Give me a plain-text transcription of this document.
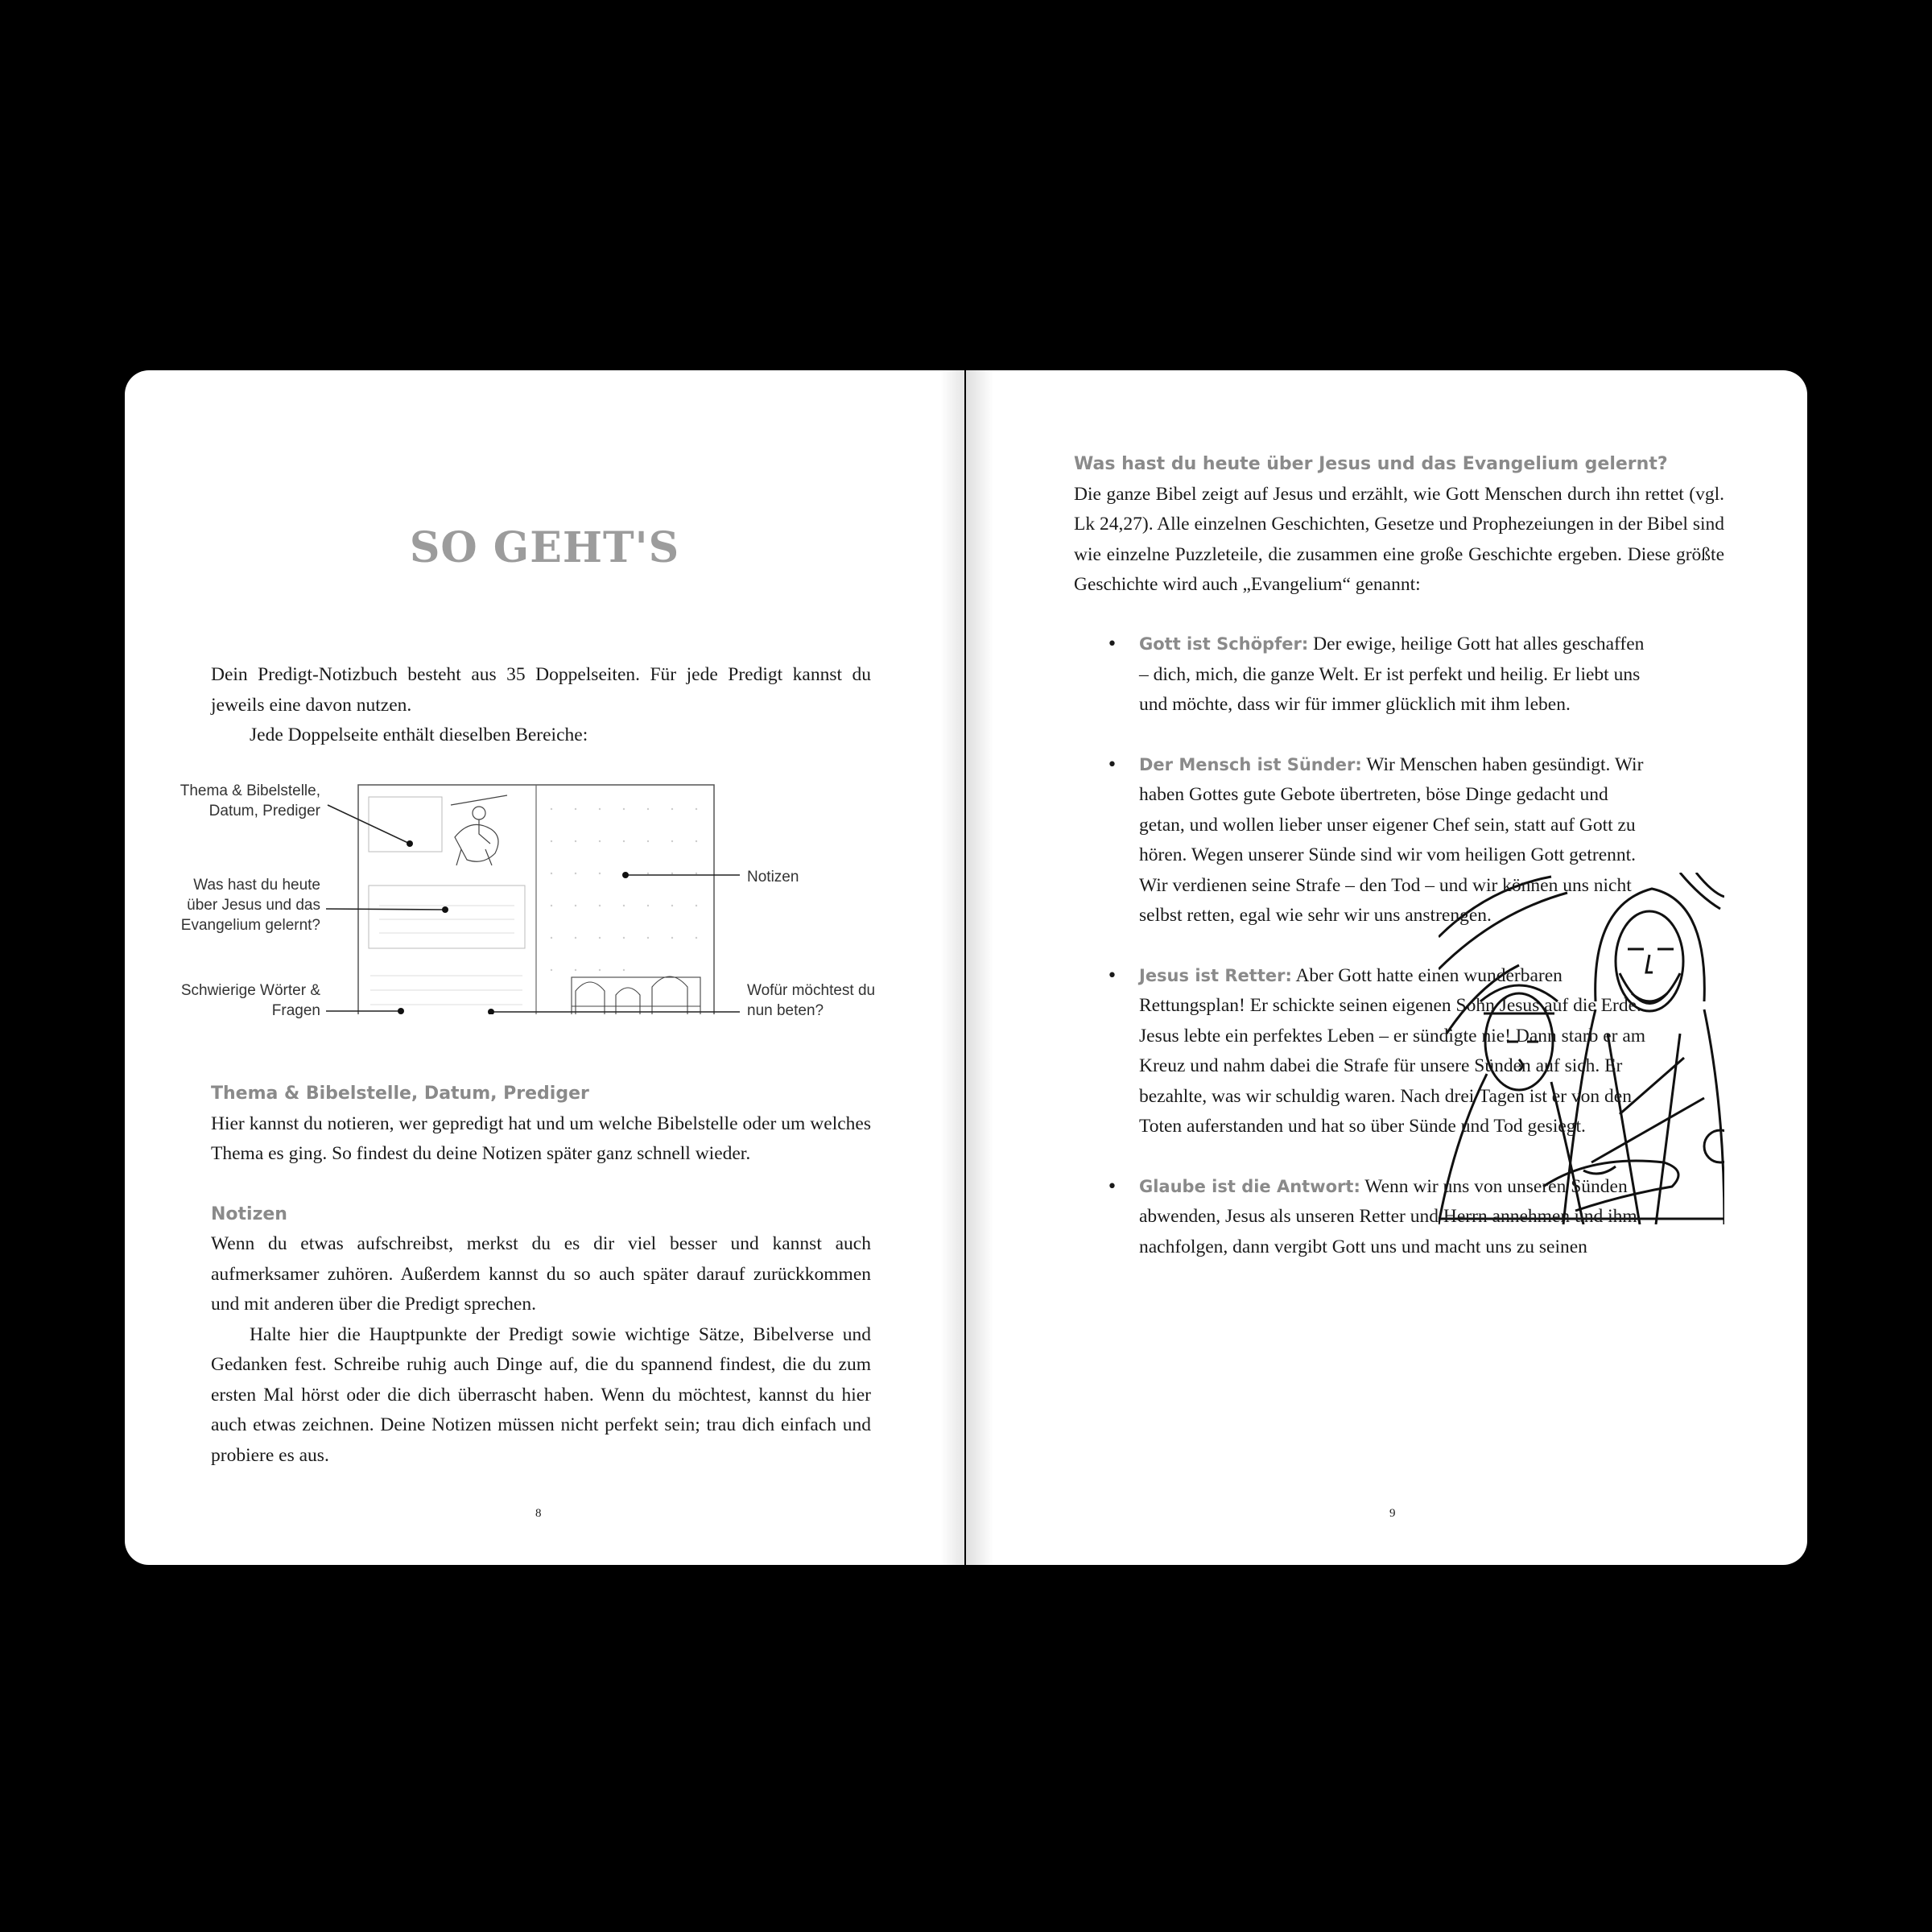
SO GEHT'S

Dein Predigt-Notizbuch besteht aus 35 Doppelseiten. Für jede Predigt kannst du jeweils eine davon nutzen.

Jede Doppelseite enthält dieselben Bereiche:

Thema & Bibelstelle, Datum, Prediger
Was hast du heute über Jesus und das Evangelium gelernt?
Schwierige Wörter & Fragen
Notizen
Wofür möchtest du nun beten?
Thema & Bibelstelle, Datum, Prediger

Hier kannst du notieren, wer gepredigt hat und um welche Bibelstelle oder um welches Thema es ging. So findest du deine Notizen später ganz schnell wieder.

Notizen

Wenn du etwas aufschreibst, merkst du es dir viel besser und kannst auch aufmerksamer zuhören. Außerdem kannst du so auch später darauf zurückkommen und mit anderen über die Predigt sprechen.

Halte hier die Hauptpunkte der Predigt sowie wichtige Sätze, Bibelverse und Gedanken fest. Schreibe ruhig auch Dinge auf, die du spannend findest, die du zum ersten Mal hörst oder die dich überrascht haben. Wenn du möchtest, kannst du hier auch etwas zeichnen. Deine Notizen müssen nicht perfekt sein; trau dich einfach und probiere es aus.

8
Was hast du heute über Jesus und das Evangelium gelernt?

Die ganze Bibel zeigt auf Jesus und erzählt, wie Gott Menschen durch ihn rettet (vgl. Lk 24,27). Alle einzelnen Geschichten, Gesetze und Prophezeiungen in der Bibel sind wie einzelne Puzzleteile, die zusammen eine große Geschichte ergeben. Diese größte Geschichte wird auch „Evangelium“ genannt:

• Gott ist Schöpfer: Der ewige, heilige Gott hat alles geschaffen – dich, mich, die ganze Welt. Er ist perfekt und heilig. Er liebt uns und möchte, dass wir für immer glücklich mit ihm leben.
• Der Mensch ist Sünder: Wir Menschen haben gesündigt. Wir haben Gottes gute Gebote übertreten, böse Dinge gedacht und getan, und wollen lieber unser eigener Chef sein, statt auf Gott zu hören. Wegen unserer Sünde sind wir vom heiligen Gott getrennt. Wir verdienen seine Strafe – den Tod – und wir können uns nicht selbst retten, egal wie sehr wir uns anstrengen.
• Jesus ist Retter: Aber Gott hatte einen wunderbaren Rettungsplan! Er schickte seinen eigenen Sohn Jesus auf die Erde. Jesus lebte ein perfektes Leben – er sündigte nie! Dann starb er am Kreuz und nahm dabei die Strafe für unsere Sünden auf sich. Er bezahlte, was wir schuldig waren. Nach drei Tagen ist er von den Toten auferstanden und hat so über Sünde und Tod gesiegt.
• Glaube ist die Antwort: Wenn wir uns von unseren Sünden abwenden, Jesus als unseren Retter und Herrn annehmen und ihm nachfolgen, dann vergibt Gott uns und macht uns zu seinen
9
